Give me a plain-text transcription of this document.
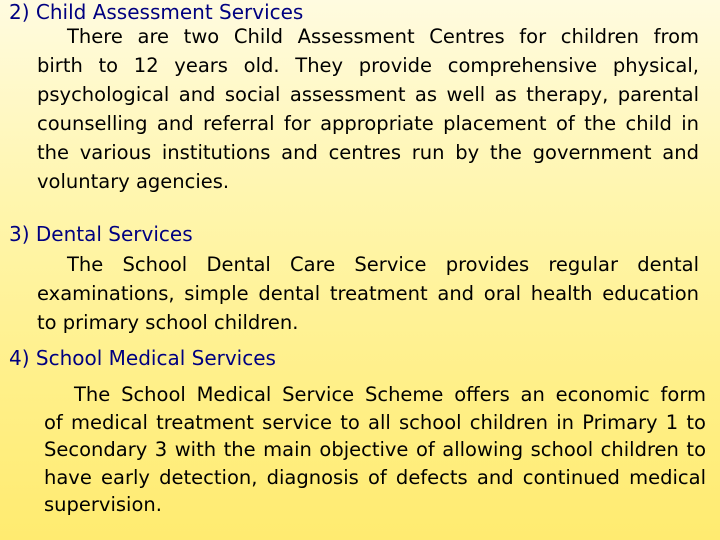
2) Child Assessment Services

There are two Child Assessment Centres for children from birth to 12 years old. They provide comprehensive physical, psychological and social assessment as well as therapy, parental counselling and referral for appropriate placement of the child in the various institutions and centres run by the government and voluntary agencies.

3) Dental Services

The School Dental Care Service provides regular dental examinations, simple dental treatment and oral health education to primary school children.

4) School Medical Services

The School Medical Service Scheme offers an economic form of medical treatment service to all school children in Primary 1 to Secondary 3 with the main objective of allowing school children to have early detection, diagnosis of defects and continued medical supervision.
